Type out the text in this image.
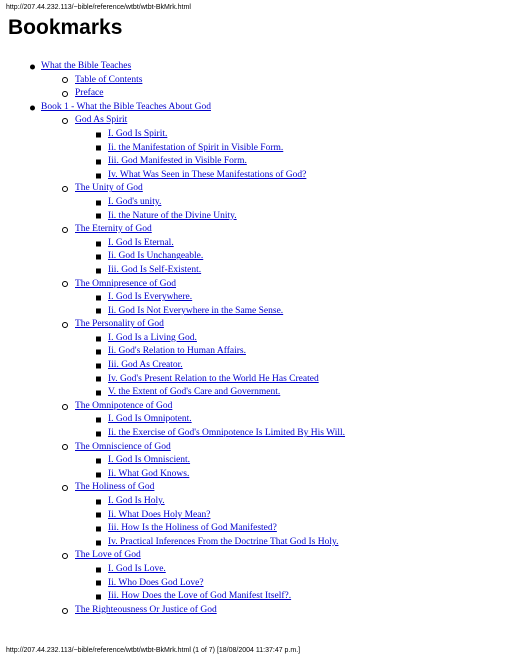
http://207.44.232.113/~bible/reference/wtbt/wtbt-BkMrk.html
Bookmarks
What the Bible Teaches
Table of Contents
Preface
Book 1 - What the Bible Teaches About God
God As Spirit
I. God Is Spirit.
Ii. the Manifestation of Spirit in Visible Form.
Iii. God Manifested in Visible Form.
Iv. What Was Seen in These Manifestations of God?
The Unity of God
I. God's unity.
Ii. the Nature of the Divine Unity.
The Eternity of God
I. God Is Eternal.
Ii. God Is Unchangeable.
Iii. God Is Self-Existent.
The Omnipresence of God
I. God Is Everywhere.
Ii. God Is Not Everywhere in the Same Sense.
The Personality of God
I. God Is a Living God.
Ii. God's Relation to Human Affairs.
Iii. God As Creator.
Iv. God's Present Relation to the World He Has Created
V. the Extent of God's Care and Government.
The Omnipotence of God
I. God Is Omnipotent.
Ii. the Exercise of God's Omnipotence Is Limited By His Will.
The Omniscience of God
I. God Is Omniscient.
Ii. What God Knows.
The Holiness of God
I. God Is Holy.
Ii. What Does Holy Mean?
Iii. How Is the Holiness of God Manifested?
Iv. Practical Inferences From the Doctrine That God Is Holy.
The Love of God
I. God Is Love.
Ii. Who Does God Love?
Iii. How Does the Love of God Manifest Itself?.
The Righteousness Or Justice of God
http://207.44.232.113/~bible/reference/wtbt/wtbt-BkMrk.html (1 of 7) [18/08/2004 11:37:47 p.m.]
